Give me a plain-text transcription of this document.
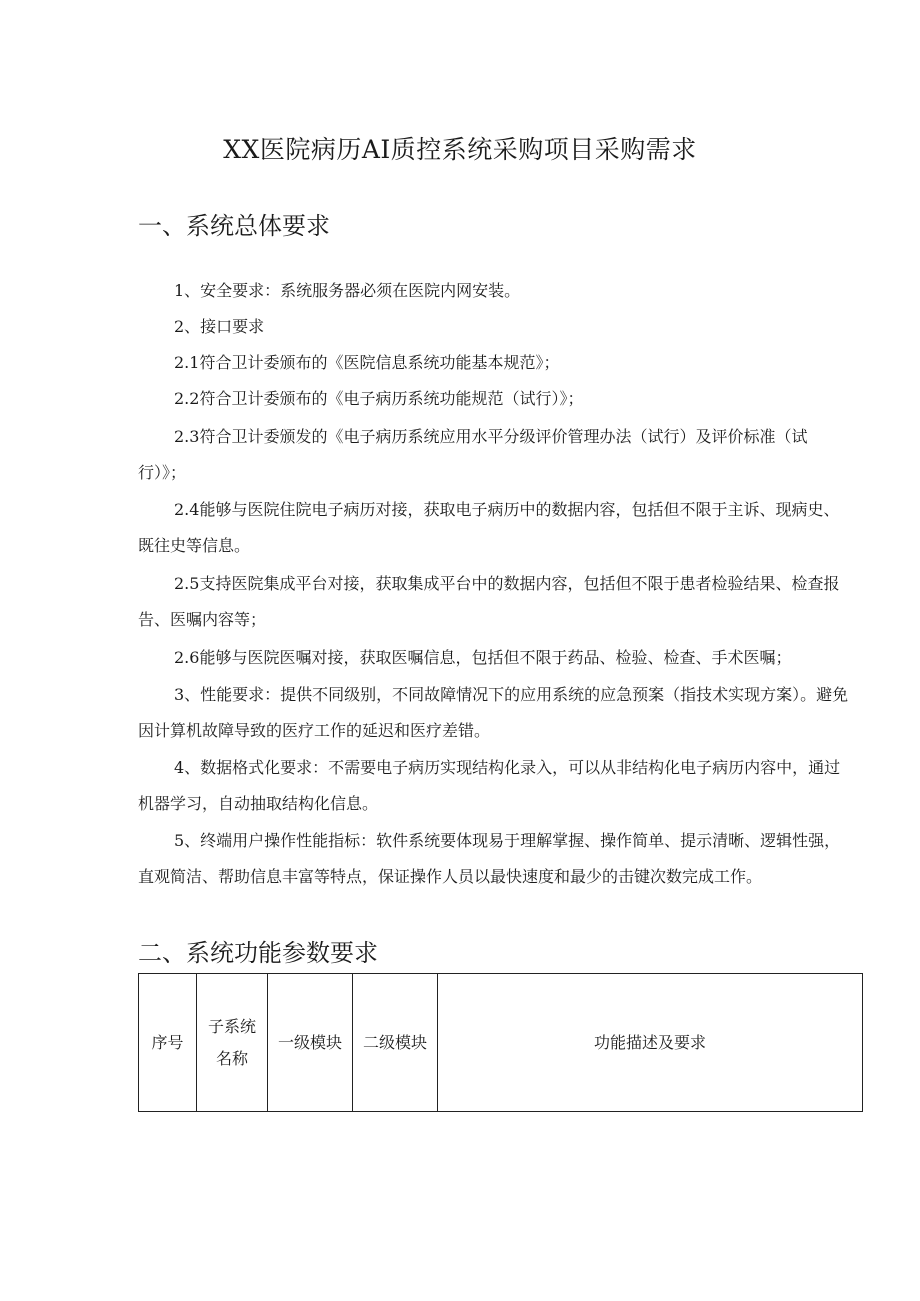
XX医院病历AI质控系统采购项目采购需求
一、系统总体要求

1、安全要求：系统服务器必须在医院内网安装。

2、接口要求

2.1符合卫计委颁布的《医院信息系统功能基本规范》；

2.2符合卫计委颁布的《电子病历系统功能规范（试行）》；

2.3符合卫计委颁发的《电子病历系统应用水平分级评价管理办法（试行）及评价标准（试行）》；

2.4能够与医院住院电子病历对接，获取电子病历中的数据内容，包括但不限于主诉、现病史、既往史等信息。

2.5支持医院集成平台对接，获取集成平台中的数据内容，包括但不限于患者检验结果、检查报告、医嘱内容等；

2.6能够与医院医嘱对接，获取医嘱信息，包括但不限于药品、检验、检查、手术医嘱；

3、性能要求：提供不同级别，不同故障情况下的应用系统的应急预案（指技术实现方案）。避免因计算机故障导致的医疗工作的延迟和医疗差错。

4、数据格式化要求：不需要电子病历实现结构化录入，可以从非结构化电子病历内容中，通过机器学习，自动抽取结构化信息。

5、终端用户操作性能指标：软件系统要体现易于理解掌握、操作简单、提示清晰、逻辑性强，直观简洁、帮助信息丰富等特点，保证操作人员以最快速度和最少的击键次数完成工作。

二、系统功能参数要求
序号	子系统名称	一级模块	二级模块	功能描述及要求
